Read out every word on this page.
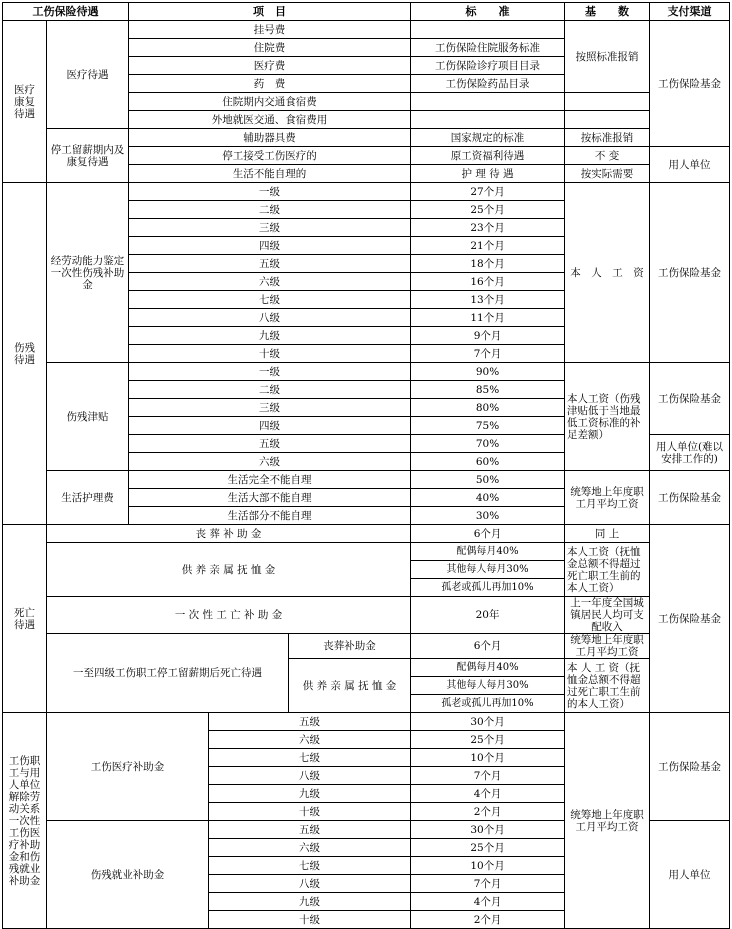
工伤保险待遇		项　目			标　　准	基　　数	支付渠道
医疗
康复
待遇	医疗待遇	挂号费				按照标准报销	工伤保险基金
		住院费			工伤保险住院服务标准		
		医疗费			工伤保险诊疗项目目录		
		药　费			工伤保险药品目录		
		住院期内交通食宿费					
		外地就医交通、食宿费用					
	停工留薪期内及康复待遇	辅助器具费			国家规定的标准	按标准报销	
		停工接受工伤医疗的			原工资福利待遇	不 变	用人单位
		生活不能自理的			护 理 待 遇	按实际需要	
伤残
待遇	经劳动能力鉴定一次性伤残补助金	一级			27个月	本　人　工　资	工伤保险基金
		二级			25个月		
		三级			23个月		
		四级			21个月		
		五级			18个月		
		六级			16个月		
		七级			13个月		
		八级			11个月		
		九级			9个月		
		十级			7个月		
	伤残津贴	一级			90%	本人工资（伤残津贴低于当地最低工资标准的补足差额）	工伤保险基金
		二级			85%		
		三级			80%		
		四级			75%		
		五级			70%		用人单位(难以安排工作的)
		六级			60%		
	生活护理费	生活完全不能自理			50%	统筹地上年度职工月平均工资	工伤保险基金
		生活大部不能自理			40%		
		生活部分不能自理			30%		
死亡
待遇	丧 葬 补 助 金				6个月	同 上	工伤保险基金
	供 养 亲 属 抚 恤 金				配偶每月40%	本人工资（抚恤金总额不得超过死亡职工生前的本人工资）	
					其他每人每月30%		
					孤老或孤儿再加10%		
	一 次 性 工 亡 补 助 金				20年	上一年度全国城镇居民人均可支配收入	
	一至四级工伤职工停工留薪期后死亡待遇			丧葬补助金	6个月	统筹地上年度职工月平均工资	
				供 养 亲 属 抚 恤 金	配偶每月40%	本 人 工 资（抚恤金总额不得超过死亡职工生前的本人工资）	
					其他每人每月30%		
					孤老或孤儿再加10%		
工伤职工与用人单位解除劳动关系一次性工伤医疗补助金和伤残就业补助金	工伤医疗补助金		五级		30个月	统筹地上年度职工月平均工资	工伤保险基金
			六级		25个月		
			七级		10个月		
			八级		7个月		
			九级		4个月		
			十级		2个月		
	伤残就业补助金		五级		30个月		用人单位
			六级		25个月		
			七级		10个月		
			八级		7个月		
			九级		4个月		
			十级		2个月		
